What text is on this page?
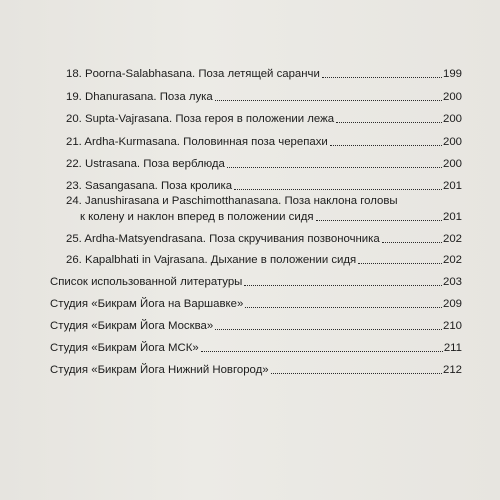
18. Poorna-Salabhasana. Поза летящей саранчи	199
19. Dhanurasana. Поза лука	200
20. Supta-Vajrasana. Поза героя в положении лежа	200
21. Ardha-Kurmasana. Половинная поза черепахи	200
22. Ustrasana. Поза верблюда	200
23. Sasangasana. Поза кролика	201
24. Janushirasana и Paschimotthanasana. Поза наклона головы
к колену и наклон вперед в положении сидя	201
25. Ardha-Matsyendrasana. Поза скручивания позвоночника	202
26. Kapalbhati in Vajrasana. Дыхание в положении сидя	202
Список использованной литературы	203
Студия «Бикрам Йога на Варшавке»	209
Студия «Бикрам Йога Москва»	210
Студия «Бикрам Йога МСК»	211
Студия «Бикрам Йога Нижний Новгород»	212
